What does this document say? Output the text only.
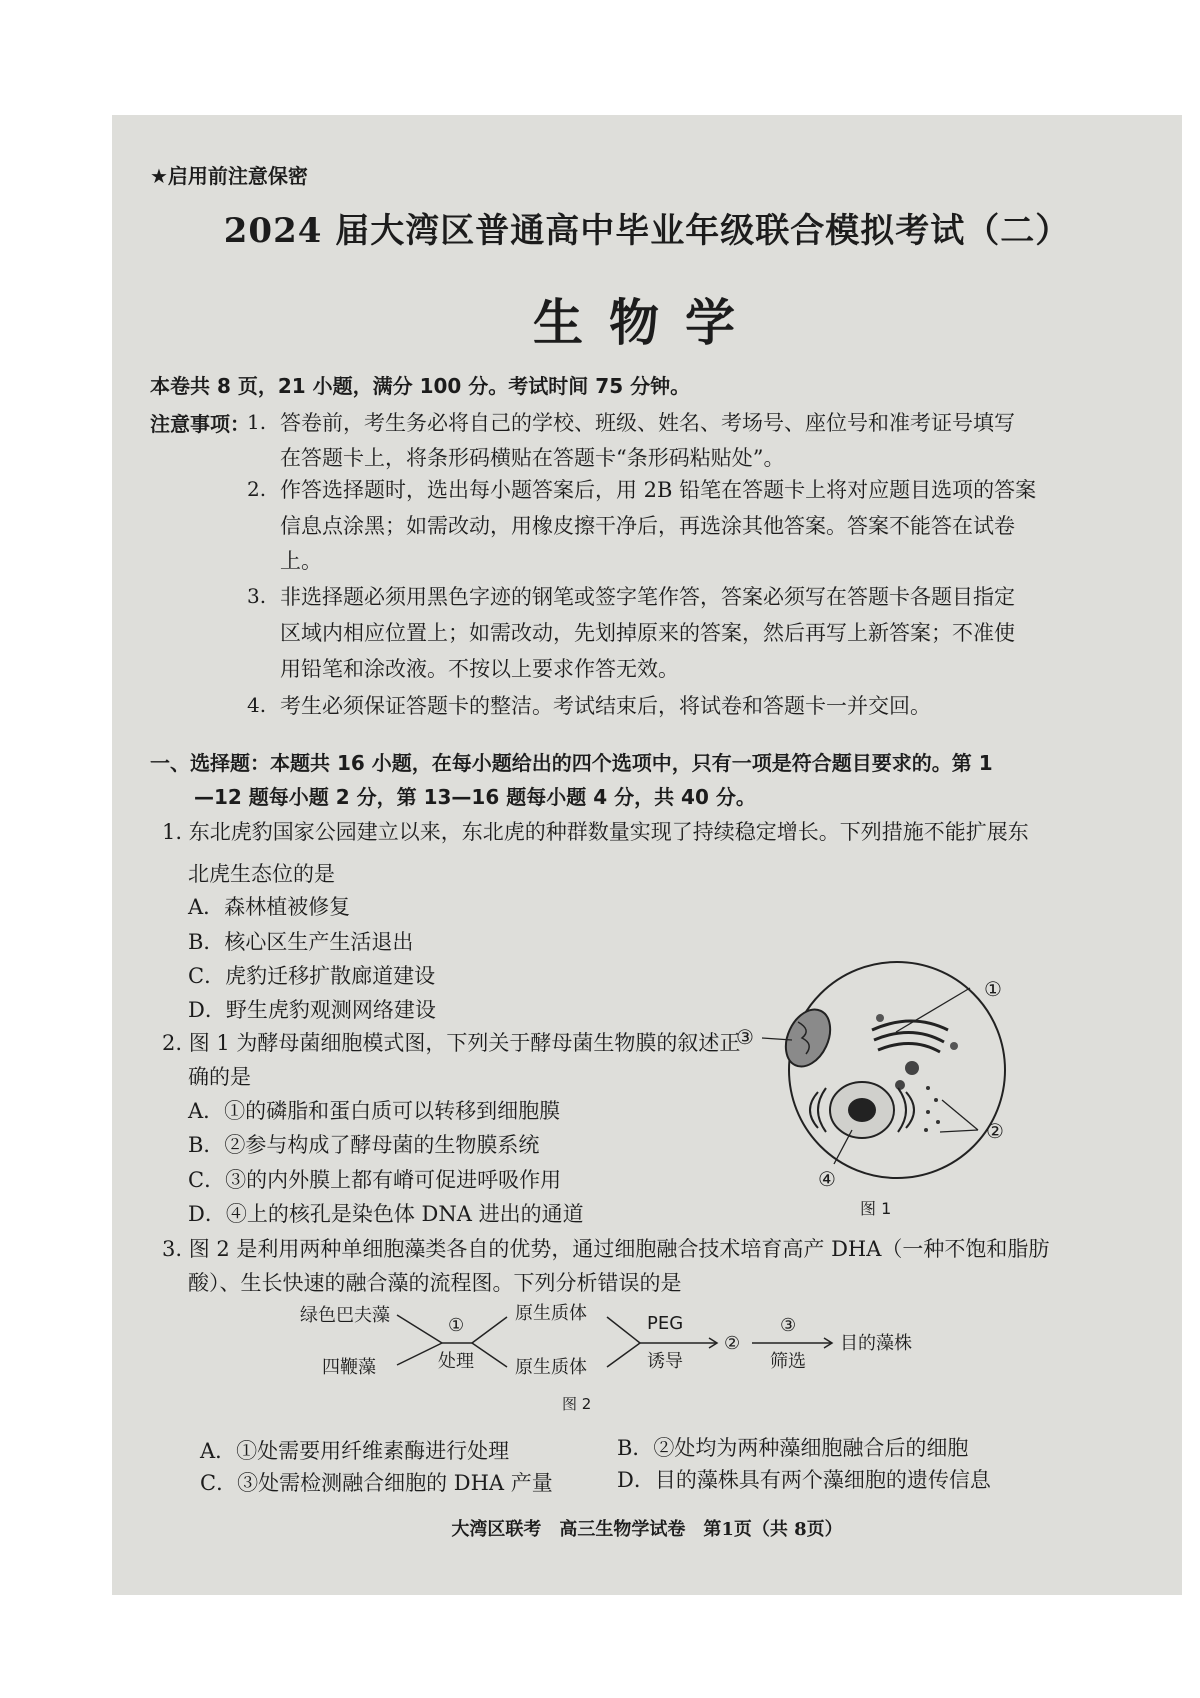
★启用前注意保密
2024 届大湾区普通高中毕业年级联合模拟考试（二）
生物学
本卷共 8 页，21 小题，满分 100 分。考试时间 75 分钟。
注意事项：
1. 答卷前，考生务必将自己的学校、班级、姓名、考场号、座位号和准考证号填写
在答题卡上，将条形码横贴在答题卡“条形码粘贴处”。
2. 作答选择题时，选出每小题答案后，用 2B 铅笔在答题卡上将对应题目选项的答案
信息点涂黑；如需改动，用橡皮擦干净后，再选涂其他答案。答案不能答在试卷
上。
3. 非选择题必须用黑色字迹的钢笔或签字笔作答，答案必须写在答题卡各题目指定
区域内相应位置上；如需改动，先划掉原来的答案，然后再写上新答案；不准使
用铅笔和涂改液。不按以上要求作答无效。
4. 考生必须保证答题卡的整洁。考试结束后，将试卷和答题卡一并交回。
一、选择题：本题共 16 小题，在每小题给出的四个选项中，只有一项是符合题目要求的。第 1
—12 题每小题 2 分，第 13—16 题每小题 4 分，共 40 分。
1. 东北虎豹国家公园建立以来，东北虎的种群数量实现了持续稳定增长。下列措施不能扩展东
北虎生态位的是
A．森林植被修复
B．核心区生产生活退出
C．虎豹迁移扩散廊道建设
D．野生虎豹观测网络建设
2. 图 1 为酵母菌细胞模式图，下列关于酵母菌生物膜的叙述正
确的是
A．①的磷脂和蛋白质可以转移到细胞膜
B．②参与构成了酵母菌的生物膜系统
C．③的内外膜上都有嵴可促进呼吸作用
D．④上的核孔是染色体 DNA 进出的通道
①
②
③
④
图 1
3. 图 2 是利用两种单细胞藻类各自的优势，通过细胞融合技术培育高产 DHA（一种不饱和脂肪
酸）、生长快速的融合藻的流程图。下列分析错误的是
绿色巴夫藻
四鞭藻
①
处理
原生质体
原生质体
PEG
诱导
②
③
筛选
目的藻株
图 2
A．①处需要用纤维素酶进行处理	B．②处均为两种藻细胞融合后的细胞
C．③处需检测融合细胞的 DHA 产量	D．目的藻株具有两个藻细胞的遗传信息
大湾区联考　高三生物学试卷　第1页（共 8页）
